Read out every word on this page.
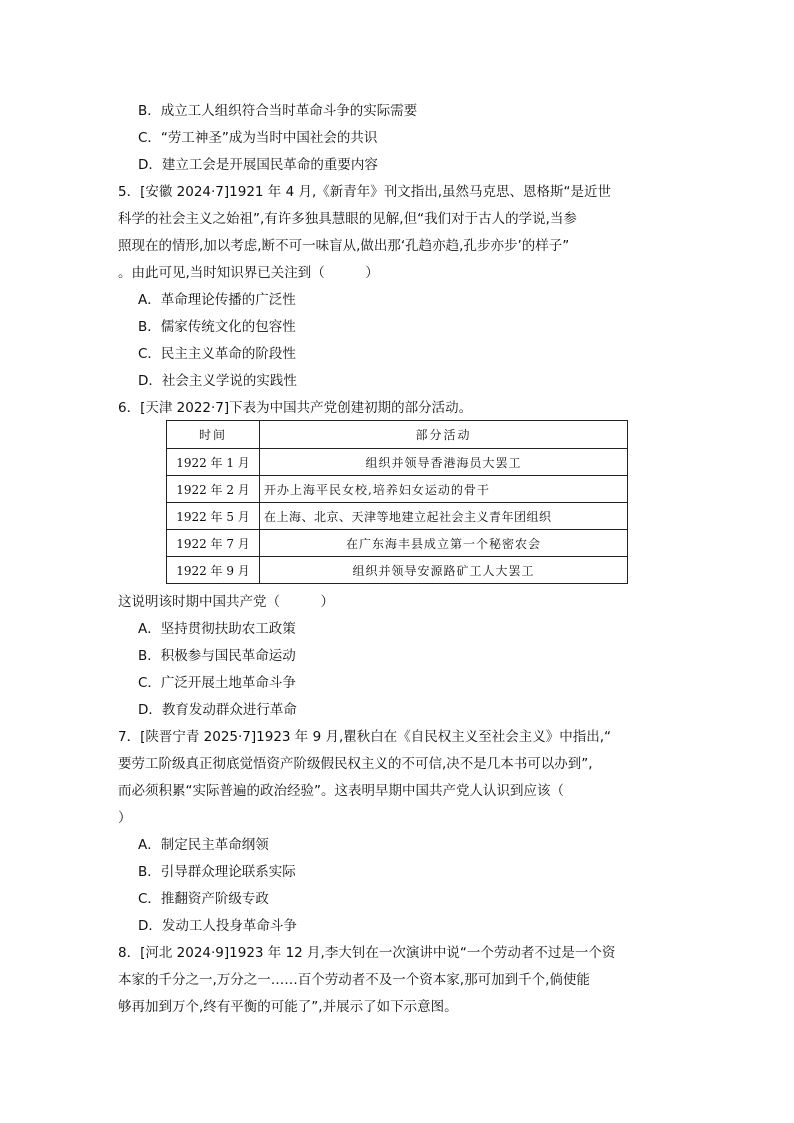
B．成立工人组织符合当时革命斗争的实际需要
C．“劳工神圣”成为当时中国社会的共识
D．建立工会是开展国民革命的重要内容
5．[安徽 2024·7]1921 年 4 月,《新青年》刊文指出,虽然马克思、恩格斯“是近世
科学的社会主义之始祖”,有许多独具慧眼的见解,但“我们对于古人的学说,当参
照现在的情形,加以考虑,断不可一味盲从,做出那‘孔趋亦趋,孔步亦步’的样子”
。由此可见,当时知识界已关注到（　　　）
A．革命理论传播的广泛性
B．儒家传统文化的包容性
C．民主主义革命的阶段性
D．社会主义学说的实践性
6．[天津 2022·7]下表为中国共产党创建初期的部分活动。
时间	部分活动
1922 年 1 月	组织并领导香港海员大罢工
1922 年 2 月	开办上海平民女校,培养妇女运动的骨干
1922 年 5 月	在上海、北京、天津等地建立起社会主义青年团组织
1922 年 7 月	在广东海丰县成立第一个秘密农会
1922 年 9 月	组织并领导安源路矿工人大罢工
这说明该时期中国共产党（　　　）
A．坚持贯彻扶助农工政策
B．积极参与国民革命运动
C．广泛开展土地革命斗争
D．教育发动群众进行革命
7．[陕晋宁青 2025·7]1923 年 9 月,瞿秋白在《自民权主义至社会主义》中指出,“
要劳工阶级真正彻底觉悟资产阶级假民权主义的不可信,决不是几本书可以办到”,
而必须积累“实际普遍的政治经验”。这表明早期中国共产党人认识到应该（
）
A．制定民主革命纲领
B．引导群众理论联系实际
C．推翻资产阶级专政
D．发动工人投身革命斗争
8．[河北 2024·9]1923 年 12 月,李大钊在一次演讲中说“一个劳动者不过是一个资
本家的千分之一,万分之一……百个劳动者不及一个资本家,那可加到千个,倘使能
够再加到万个,终有平衡的可能了”,并展示了如下示意图。
